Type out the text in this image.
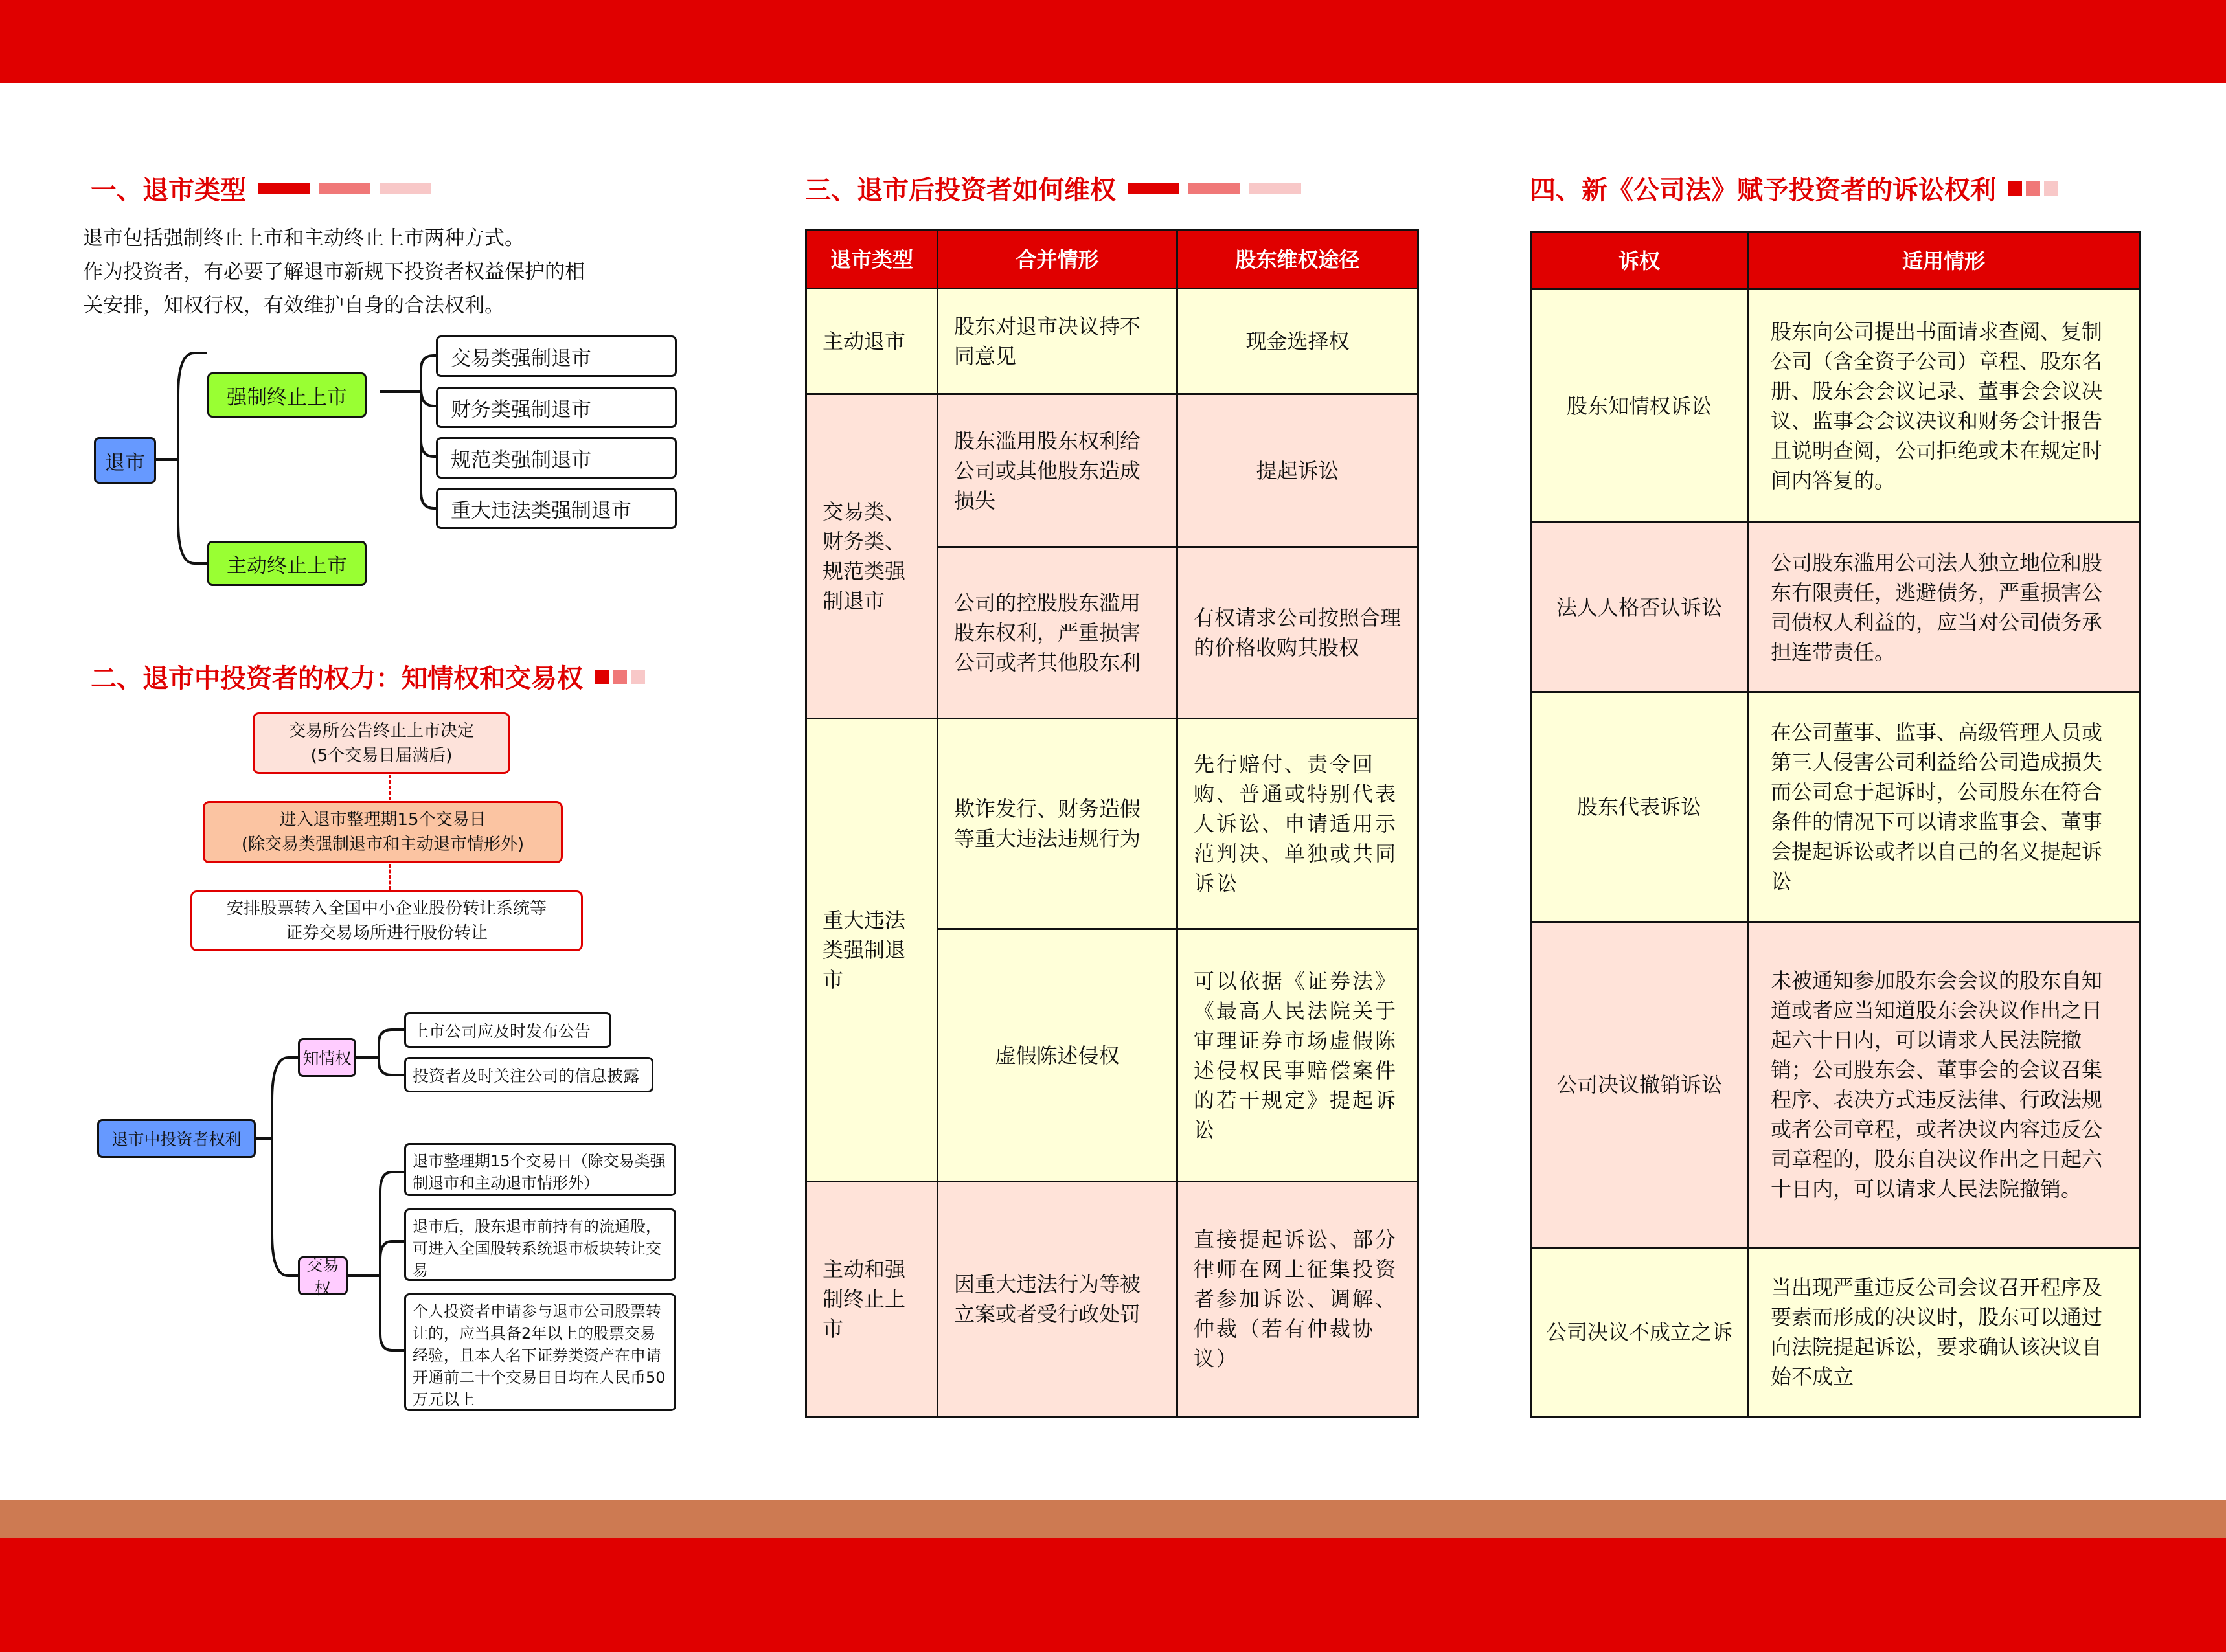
一、退市类型
退市包括强制终止上市和主动终止上市两种方式。
作为投资者，有必要了解退市新规下投资者权益保护的相
关安排，知权行权，有效维护自身的合法权利。
退市
强制终止上市
主动终止上市
交易类强制退市
财务类强制退市
规范类强制退市
重大违法类强制退市
二、退市中投资者的权力：知情权和交易权
交易所公告终止上市决定
(5个交易日届满后)
进入退市整理期15个交易日
(除交易类强制退市和主动退市情形外)
安排股票转入全国中小企业股份转让系统等
证券交易场所进行股份转让
退市中投资者权利
知情权
交易权
上市公司应及时发布公告
投资者及时关注公司的信息披露
退市整理期15个交易日（除交易类强制退市和主动退市情形外）
退市后，股东退市前持有的流通股，可进入全国股转系统退市板块转让交易
个人投资者申请参与退市公司股票转让的，应当具备2年以上的股票交易经验，且本人名下证券类资产在申请开通前二十个交易日日均在人民币50万元以上
三、退市后投资者如何维权
退市类型	合并情形	股东维权途径
主动退市	股东对退市决议持不同意见	现金选择权
交易类、财务类、规范类强制退市	股东滥用股东权利给公司或其他股东造成损失	提起诉讼
	公司的控股股东滥用股东权利，严重损害公司或者其他股东利	有权请求公司按照合理的价格收购其股权
重大违法类强制退市	欺诈发行、财务造假等重大违法违规行为	先行赔付、责令回购、普通或特别代表人诉讼、申请适用示范判决、单独或共同诉讼
	虚假陈述侵权	可以依据《证券法》《最高人民法院关于审理证券市场虚假陈述侵权民事赔偿案件的若干规定》提起诉讼
主动和强制终止上市	因重大违法行为等被立案或者受行政处罚	直接提起诉讼、部分律师在网上征集投资者参加诉讼、调解、仲裁（若有仲裁协议）
四、新《公司法》赋予投资者的诉讼权利
诉权	适用情形
股东知情权诉讼	股东向公司提出书面请求查阅、复制公司（含全资子公司）章程、股东名册、股东会会议记录、董事会会议决议、监事会会议决议和财务会计报告且说明查阅，公司拒绝或未在规定时间内答复的。
法人人格否认诉讼	公司股东滥用公司法人独立地位和股东有限责任，逃避债务，严重损害公司债权人利益的，应当对公司债务承担连带责任。
股东代表诉讼	在公司董事、监事、高级管理人员或第三人侵害公司利益给公司造成损失而公司怠于起诉时，公司股东在符合条件的情况下可以请求监事会、董事会提起诉讼或者以自己的名义提起诉讼
公司决议撤销诉讼	未被通知参加股东会会议的股东自知道或者应当知道股东会决议作出之日起六十日内，可以请求人民法院撤销；公司股东会、董事会的会议召集程序、表决方式违反法律、行政法规或者公司章程，或者决议内容违反公司章程的，股东自决议作出之日起六十日内，可以请求人民法院撤销。
公司决议不成立之诉	当出现严重违反公司会议召开程序及要素而形成的决议时，股东可以通过向法院提起诉讼，要求确认该决议自始不成立
